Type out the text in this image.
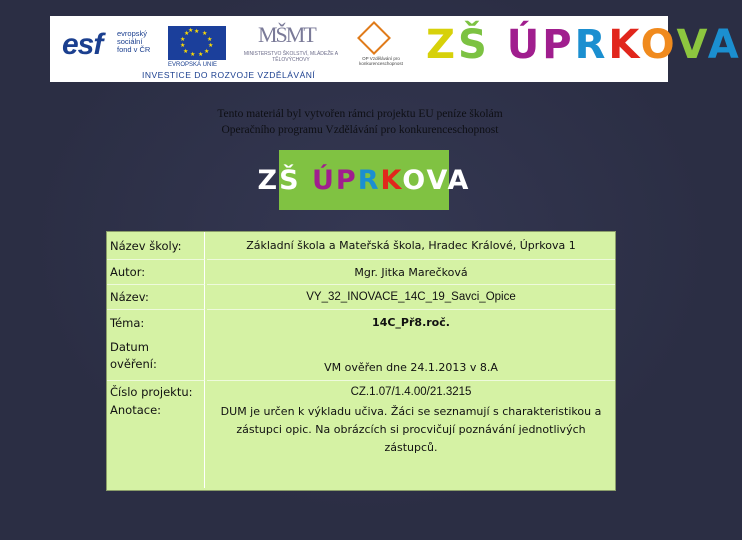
esf evropský
sociální
fond v ČR
★ ★
★
★
★
★
★
★
★
★
★
★
EVROPSKÁ UNIE
MŠMT
MINISTERSTVO ŠKOLSTVÍ, MLÁDEŽE A TĚLOVÝCHOVY	OP Vzdělávání pro konkurenceschopnost
INVESTICE DO ROZVOJE VZDĚLÁVÁNÍ
ZŠ ÚPRKOVA
Tento materiál byl vytvořen rámci projektu EU peníze školám
Operačního programu Vzdělávání pro konkurenceschopnost
ZŠ ÚPRKOVA
Název školy:	Základní škola a Mateřská škola, Hradec Králové, Úprkova 1
Autor:	Mgr. Jitka Marečková
Název:	VY_32_INOVACE_14C_19_Savci_Opice
Téma:	14C_Př8.roč.
Datum
ověření:	VM ověřen dne 24.1.2013 v 8.A
Číslo projektu:	CZ.1.07/1.4.00/21.3215
Anotace:	DUM je určen k výkladu učiva. Žáci se seznamují s charakteristikou a zástupci opic. Na obrázcích si procvičují poznávání jednotlivých zástupců.
